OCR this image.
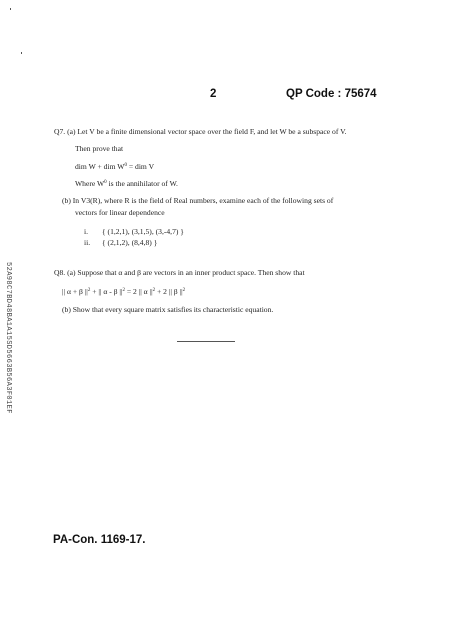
2	QP Code : 75674
52A98C7BD48BA1A15SD5663B56A3F01EF
Q7. (a) Let V be a finite dimensional vector space over the field F, and let W be a subspace of V.
Then prove that
dim W + dim $W^0$ = dim V
Where $W^0$ is the annihilator of W.
(b) In V3(R), where R is the field of Real numbers, examine each of the following sets of
vectors for linear dependence
i. { (1,2,1), (3,1,5), (3,-4,7) }
ii. { (2,1,2), (8,4,8) }
Q8. (a) Suppose that α and β are vectors in an inner product space. Then show that
|| α + β $||^2$ + || α - β $||^2 = 2$ || α $||^2 + 2$ || β $||^2$
(b) Show that every square matrix satisfies its characteristic equation.
PA-Con. 1169-17.
